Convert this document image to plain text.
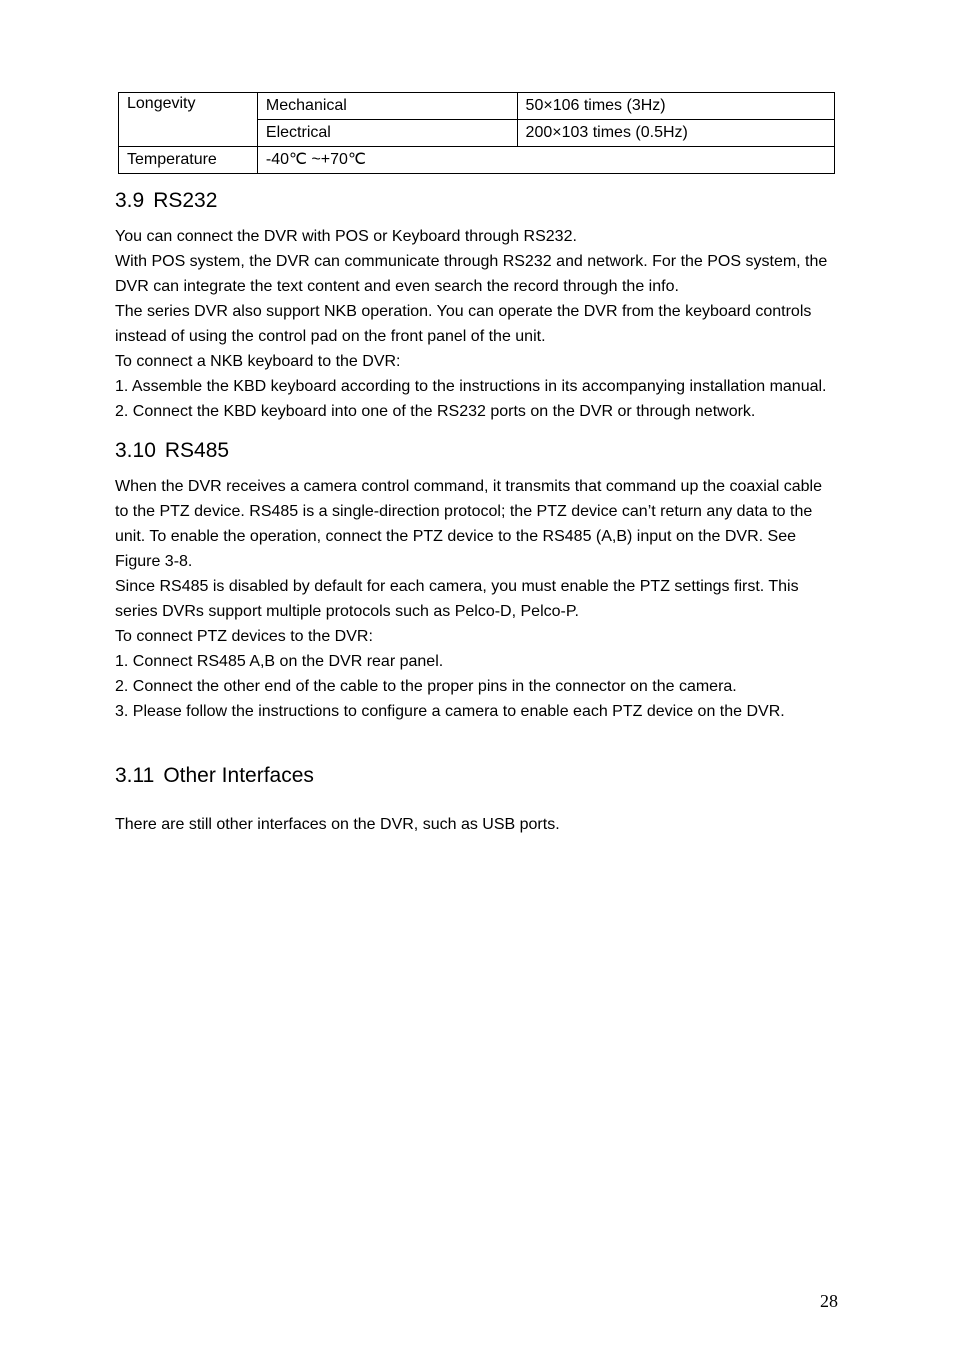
Longevity	Mechanical	50×106 times (3Hz)
	Electrical	200×103 times (0.5Hz)
Temperature	-40℃ ~+70℃	
3.9 RS232

You can connect the DVR with POS or Keyboard through RS232.

With POS system, the DVR can communicate through RS232 and network. For the POS system, the

DVR can integrate the text content and even search the record through the info.

The series DVR also support NKB operation. You can operate the DVR from the keyboard controls

instead of using the control pad on the front panel of the unit.

To connect a NKB keyboard to the DVR:

1. Assemble the KBD keyboard according to the instructions in its accompanying installation manual.

2. Connect the KBD keyboard into one of the RS232 ports on the DVR or through network.

3.10 RS485

When the DVR receives a camera control command, it transmits that command up the coaxial cable

to the PTZ device. RS485 is a single-direction protocol; the PTZ device can’t return any data to the

unit. To enable the operation, connect the PTZ device to the RS485 (A,B) input on the DVR. See

Figure 3-8.

Since RS485 is disabled by default for each camera, you must enable the PTZ settings first. This

series DVRs support multiple protocols such as Pelco-D, Pelco-P.

To connect PTZ devices to the DVR:

1. Connect RS485 A,B on the DVR rear panel.

2. Connect the other end of the cable to the proper pins in the connector on the camera.

3. Please follow the instructions to configure a camera to enable each PTZ device on the DVR.

3.11 Other Interfaces

There are still other interfaces on the DVR, such as USB ports.

28
